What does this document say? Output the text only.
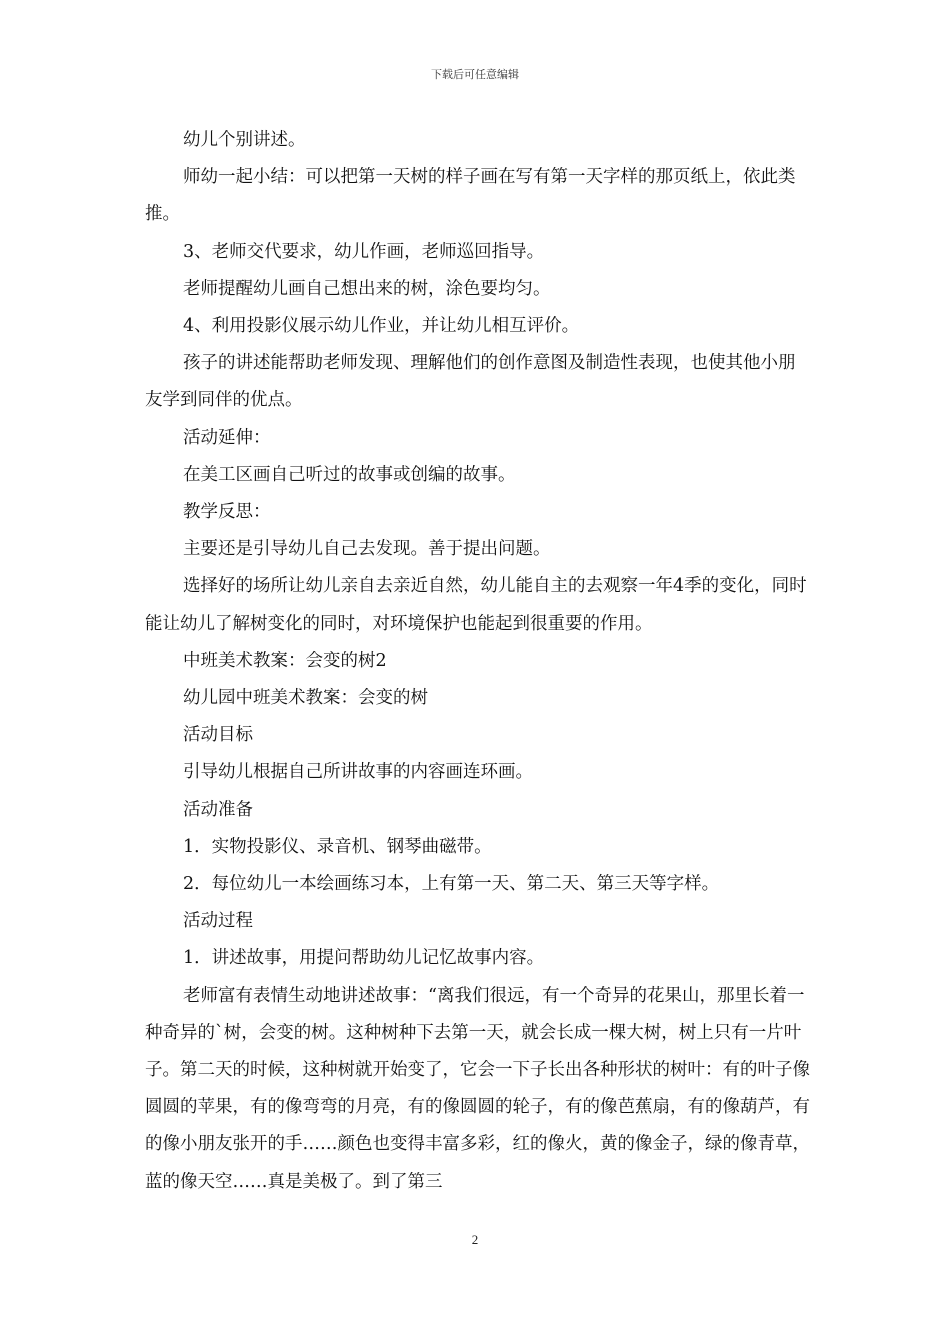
下载后可任意编辑

幼儿个别讲述。

师幼一起小结：可以把第一天树的样子画在写有第一天字样的那页纸上，依此类推。

3、老师交代要求，幼儿作画，老师巡回指导。

老师提醒幼儿画自己想出来的树，涂色要均匀。

4、利用投影仪展示幼儿作业，并让幼儿相互评价。

孩子的讲述能帮助老师发现、理解他们的创作意图及制造性表现，也使其他小朋友学到同伴的优点。

活动延伸：

在美工区画自己听过的故事或创编的故事。

教学反思：

主要还是引导幼儿自己去发现。善于提出问题。

选择好的场所让幼儿亲自去亲近自然，幼儿能自主的去观察一年4季的变化，同时能让幼儿了解树变化的同时，对环境保护也能起到很重要的作用。

中班美术教案：会变的树2

幼儿园中班美术教案：会变的树

活动目标

引导幼儿根据自己所讲故事的内容画连环画。

活动准备

1．实物投影仪、录音机、钢琴曲磁带。

2．每位幼儿一本绘画练习本，上有第一天、第二天、第三天等字样。

活动过程

1．讲述故事，用提问帮助幼儿记忆故事内容。

老师富有表情生动地讲述故事：“离我们很远，有一个奇异的花果山，那里长着一种奇异的`树，会变的树。这种树种下去第一天，就会长成一棵大树，树上只有一片叶子。第二天的时候，这种树就开始变了，它会一下子长出各种形状的树叶：有的叶子像圆圆的苹果，有的像弯弯的月亮，有的像圆圆的轮子，有的像芭蕉扇，有的像葫芦，有的像小朋友张开的手……颜色也变得丰富多彩，红的像火，黄的像金子，绿的像青草，蓝的像天空……真是美极了。到了第三

2
